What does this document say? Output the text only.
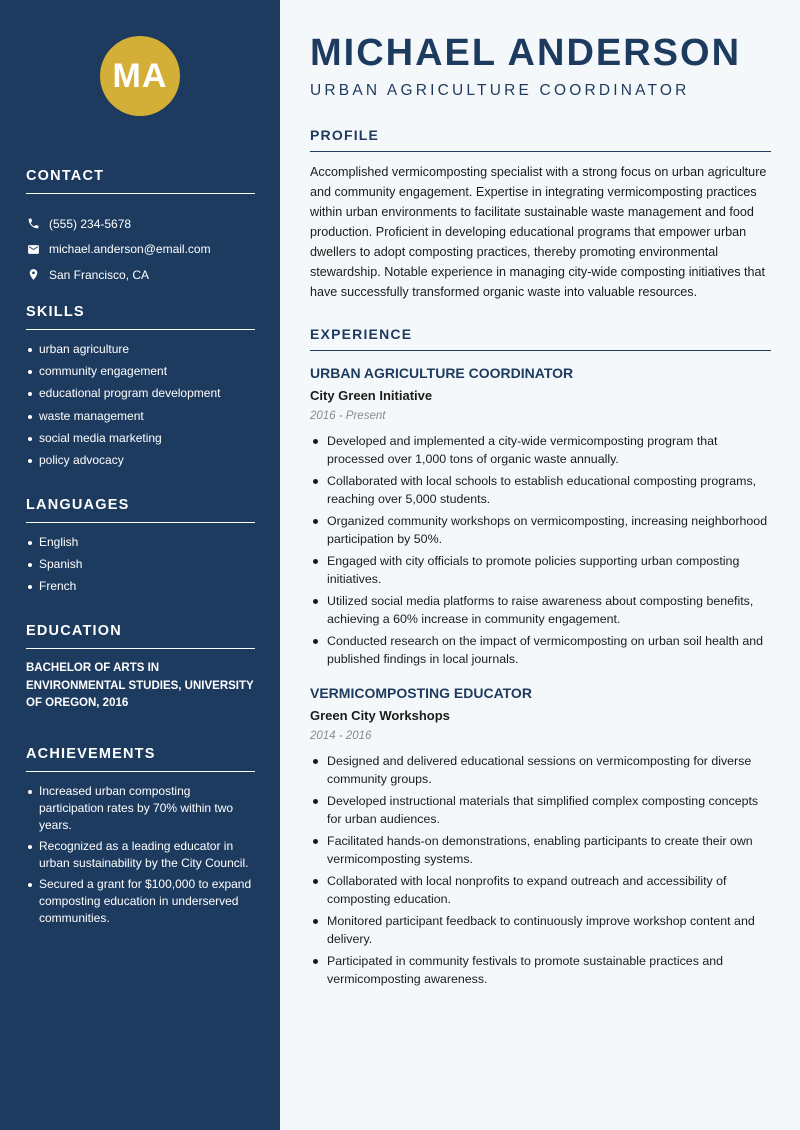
MA
CONTACT
(555) 234-5678
michael.anderson@email.com
San Francisco, CA
SKILLS
urban agriculture
community engagement
educational program development
waste management
social media marketing
policy advocacy
LANGUAGES
English
Spanish
French
EDUCATION

BACHELOR OF ARTS IN ENVIRONMENTAL STUDIES, UNIVERSITY OF OREGON, 2016

ACHIEVEMENTS
Increased urban composting participation rates by 70% within two years.
Recognized as a leading educator in urban sustainability by the City Council.
Secured a grant for $100,000 to expand composting education in underserved communities.
MICHAEL ANDERSON
URBAN AGRICULTURE COORDINATOR
PROFILE

Accomplished vermicomposting specialist with a strong focus on urban agriculture and community engagement. Expertise in integrating vermicomposting practices within urban environments to facilitate sustainable waste management and food production. Proficient in developing educational programs that empower urban dwellers to adopt composting practices, thereby promoting environmental stewardship. Notable experience in managing city-wide composting initiatives that have successfully transformed organic waste into valuable resources.

EXPERIENCE
URBAN AGRICULTURE COORDINATOR
City Green Initiative
2016 - Present
Developed and implemented a city-wide vermicomposting program that processed over 1,000 tons of organic waste annually.
Collaborated with local schools to establish educational composting programs, reaching over 5,000 students.
Organized community workshops on vermicomposting, increasing neighborhood participation by 50%.
Engaged with city officials to promote policies supporting urban composting initiatives.
Utilized social media platforms to raise awareness about composting benefits, achieving a 60% increase in community engagement.
Conducted research on the impact of vermicomposting on urban soil health and published findings in local journals.
VERMICOMPOSTING EDUCATOR
Green City Workshops
2014 - 2016
Designed and delivered educational sessions on vermicomposting for diverse community groups.
Developed instructional materials that simplified complex composting concepts for urban audiences.
Facilitated hands-on demonstrations, enabling participants to create their own vermicomposting systems.
Collaborated with local nonprofits to expand outreach and accessibility of composting education.
Monitored participant feedback to continuously improve workshop content and delivery.
Participated in community festivals to promote sustainable practices and vermicomposting awareness.
